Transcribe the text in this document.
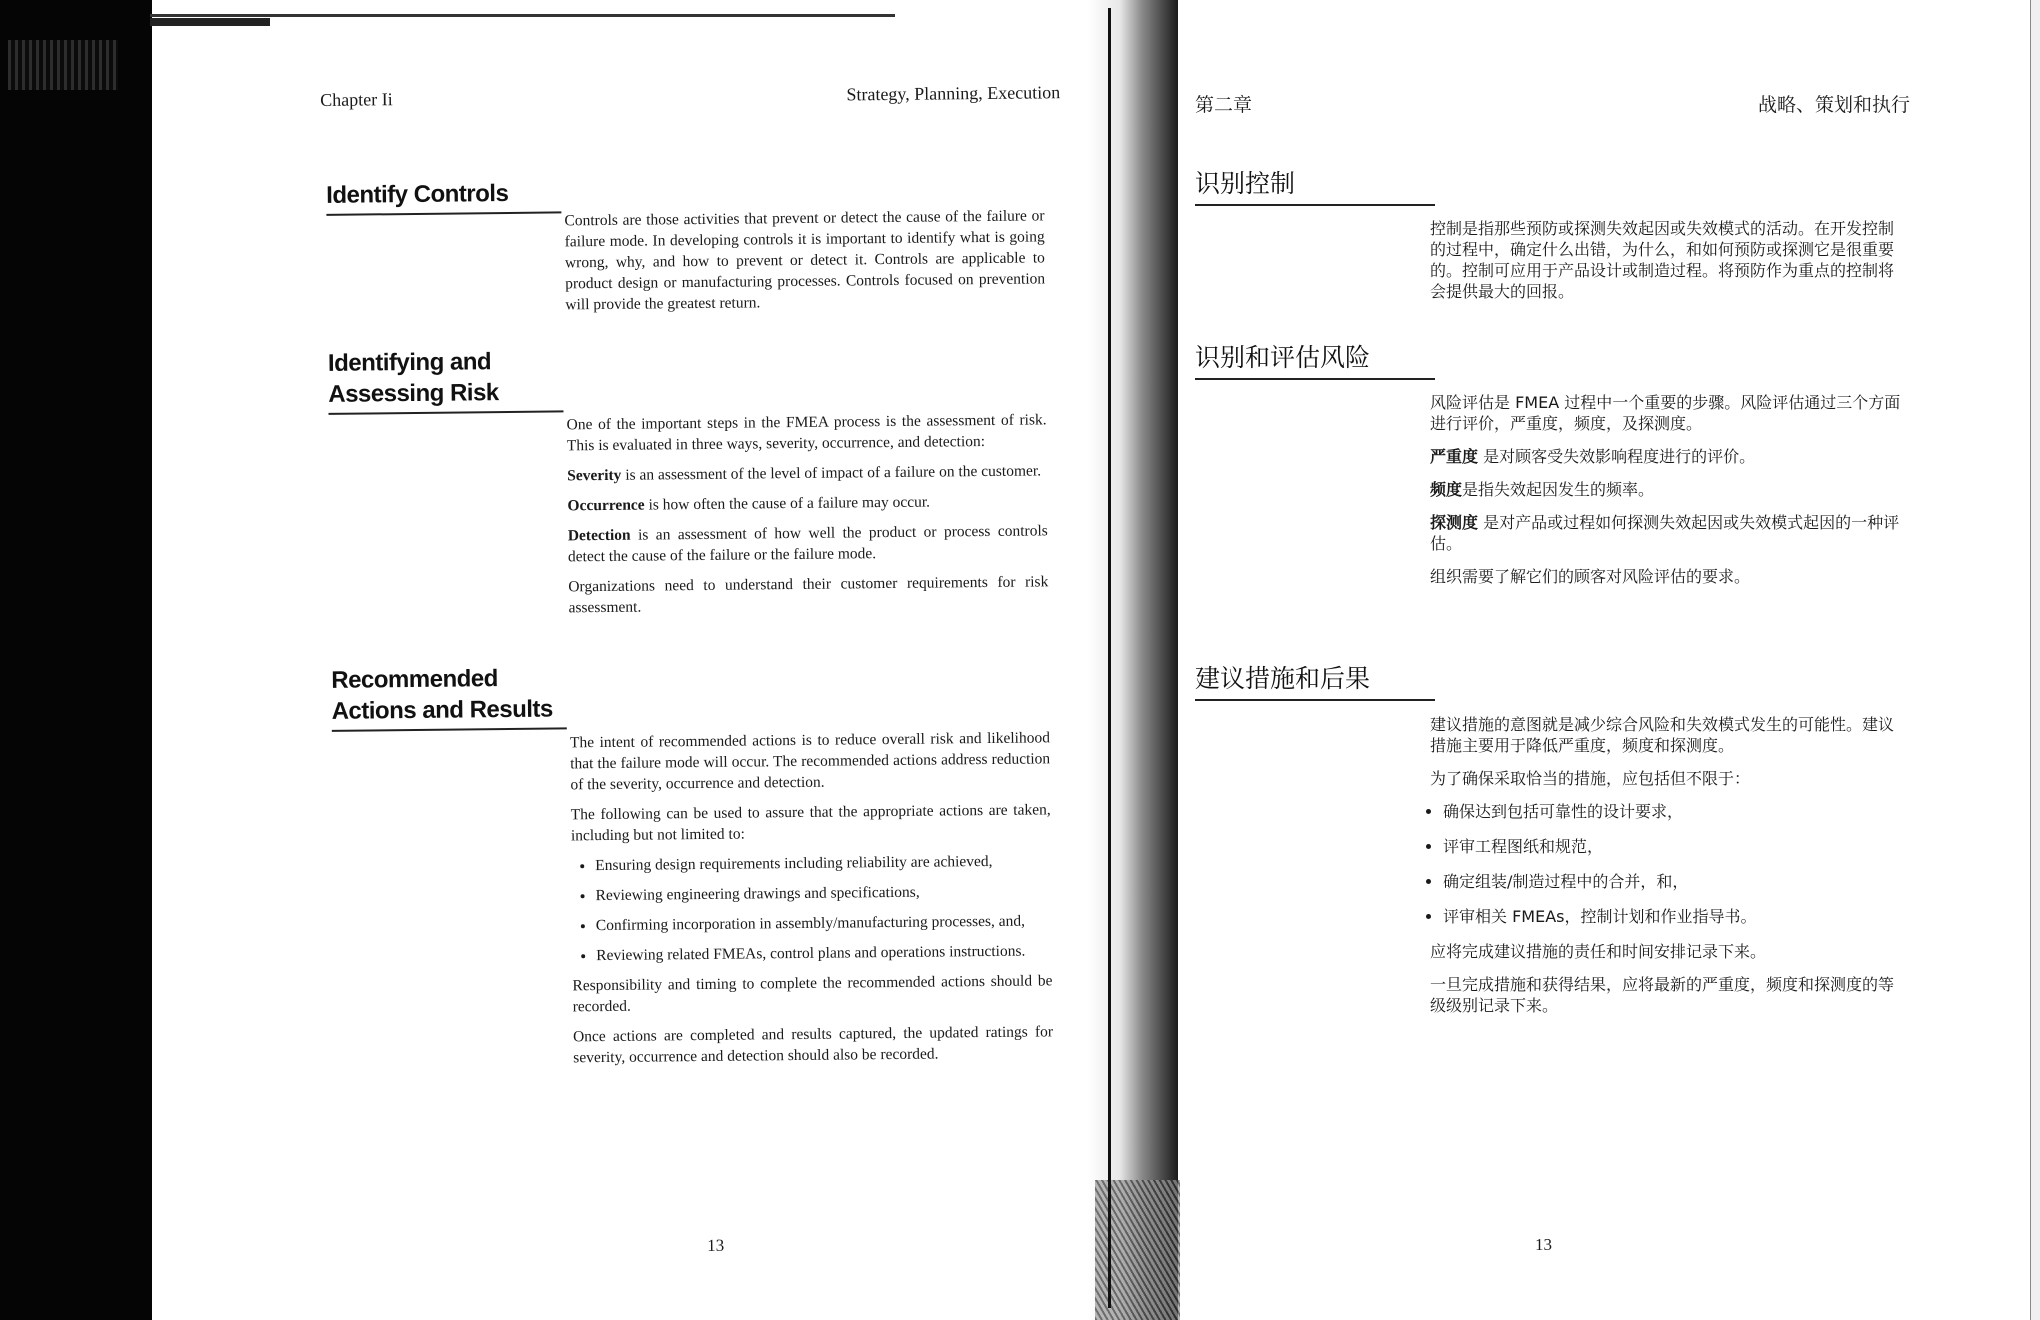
Chapter Ii	Strategy, Planning, Execution
Identify Controls

Controls are those activities that prevent or detect the cause of the failure or failure mode. In developing controls it is important to identify what is going wrong, why, and how to prevent or detect it. Controls are applicable to product design or manufacturing processes. Controls focused on prevention will provide the greatest return.

Identifying and
Assessing Risk

One of the important steps in the FMEA process is the assessment of risk. This is evaluated in three ways, severity, occurrence, and detection:

Severity is an assessment of the level of impact of a failure on the customer.

Occurrence is how often the cause of a failure may occur.

Detection is an assessment of how well the product or process controls detect the cause of the failure or the failure mode.

Organizations need to understand their customer requirements for risk assessment.

Recommended
Actions and Results

The intent of recommended actions is to reduce overall risk and likelihood that the failure mode will occur. The recommended actions address reduction of the severity, occurrence and detection.

The following can be used to assure that the appropriate actions are taken, including but not limited to:

• Ensuring design requirements including reliability are achieved,
• Reviewing engineering drawings and specifications,
• Confirming incorporation in assembly/manufacturing processes, and,
• Reviewing related FMEAs, control plans and operations instructions.

Responsibility and timing to complete the recommended actions should be recorded.

Once actions are completed and results captured, the updated ratings for severity, occurrence and detection should also be recorded.

13
第二章	战略、策划和执行
识别控制

控制是指那些预防或探测失效起因或失效模式的活动。在开发控制的过程中，确定什么出错，为什么，和如何预防或探测它是很重要的。控制可应用于产品设计或制造过程。将预防作为重点的控制将会提供最大的回报。

识别和评估风险

风险评估是 FMEA 过程中一个重要的步骤。风险评估通过三个方面进行评价，严重度，频度，及探测度。

严重度 是对顾客受失效影响程度进行的评价。

频度是指失效起因发生的频率。

探测度 是对产品或过程如何探测失效起因或失效模式起因的一种评估。

组织需要了解它们的顾客对风险评估的要求。

建议措施和后果

建议措施的意图就是减少综合风险和失效模式发生的可能性。建议措施主要用于降低严重度，频度和探测度。

为了确保采取恰当的措施，应包括但不限于：

• 确保达到包括可靠性的设计要求，
• 评审工程图纸和规范，
• 确定组装/制造过程中的合并，和，
• 评审相关 FMEAs，控制计划和作业指导书。

应将完成建议措施的责任和时间安排记录下来。

一旦完成措施和获得结果，应将最新的严重度，频度和探测度的等级级别记录下来。

13
